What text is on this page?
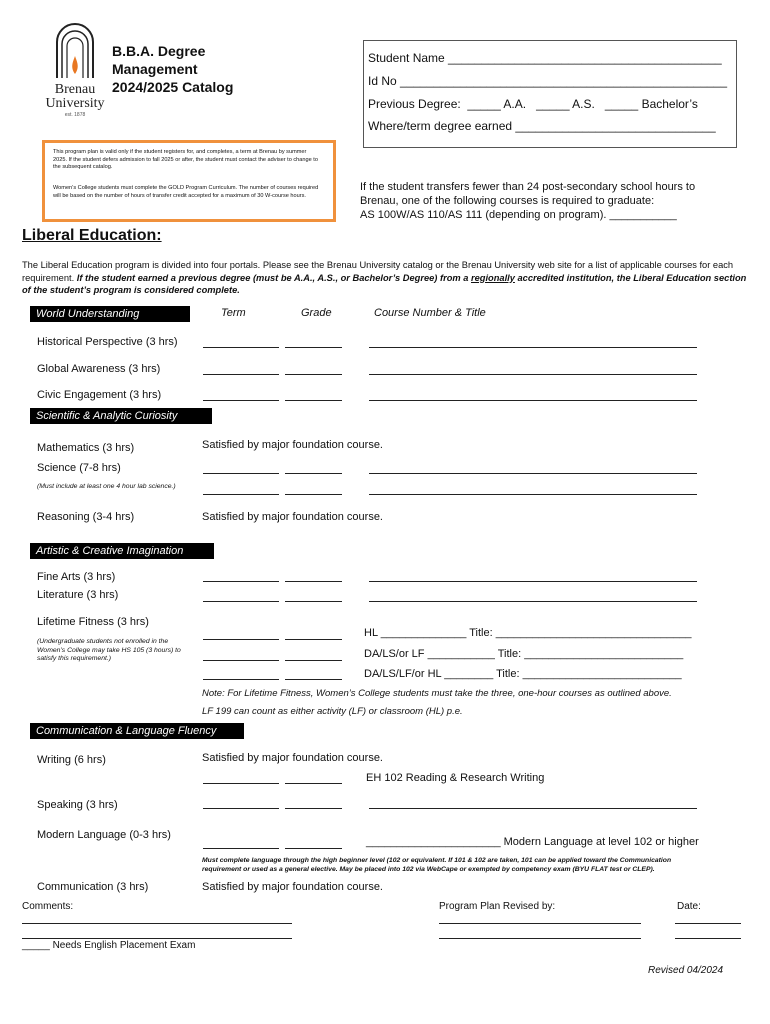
Brenau
University
est. 1878
B.B.A. Degree
Management
2024/2025 Catalog
Student Name _________________________________________
Id No _________________________________________________
Previous Degree: _____ A.A. _____ A.S. _____ Bachelor’s
Where/term degree earned ______________________________

This program plan is valid only if the student registers for, and completes, a term at Brenau by summer 2025. If the student defers admission to fall 2025 or after, the student must contact the adviser to change to the subsequent catalog.

Women’s College students must complete the GOLD Program Curriculum. The number of courses required will be based on the number of hours of transfer credit accepted for a maximum of 30 W-course hours.

If the student transfers fewer than 24 post-secondary school hours to
Brenau, one of the following courses is required to graduate:
AS 100W/AS 110/AS 111 (depending on program). ___________
Liberal Education:
The Liberal Education program is divided into four portals. Please see the Brenau University catalog or the Brenau University web site for a list of applicable courses for each requirement. If the student earned a previous degree (must be A.A., A.S., or Bachelor’s Degree) from a regionally accredited institution, the Liberal Education section of the student’s program is considered complete.
World Understanding	Term	Grade	Course Number & Title
Historical Perspective (3 hrs)
Global Awareness (3 hrs)
Civic Engagement (3 hrs)
Scientific & Analytic Curiosity
Mathematics (3 hrs)	Satisfied by major foundation course.
Science (7-8 hrs)
(Must include at least one 4 hour lab science.)
Reasoning (3-4 hrs)	Satisfied by major foundation course.
Artistic & Creative Imagination
Fine Arts (3 hrs)
Literature (3 hrs)
Lifetime Fitness (3 hrs)
(Undergraduate students not enrolled in the Women’s College may take HS 105 (3 hours) to satisfy this requirement.)
HL ______________ Title: ________________________________
DA/LS/or LF ___________ Title: __________________________
DA/LS/LF/or HL ________ Title: __________________________
Note: For Lifetime Fitness, Women’s College students must take the three, one-hour courses as outlined above.
LF 199 can count as either activity (LF) or classroom (HL) p.e.
Communication & Language Fluency
Writing (6 hrs)	Satisfied by major foundation course.
EH 102 Reading & Research Writing
Speaking (3 hrs)
Modern Language (0-3 hrs)
______________________ Modern Language at level 102 or higher
Must complete language through the high beginner level (102 or equivalent. If 101 & 102 are taken, 101 can be applied toward the Communication
requirement or used as a general elective. May be placed into 102 via WebCape or exempted by competency exam (BYU FLAT test or CLEP).
Communication (3 hrs)	Satisfied by major foundation course.
Comments:	Program Plan Revised by:	Date:
_____ Needs English Placement Exam
Revised 04/2024
